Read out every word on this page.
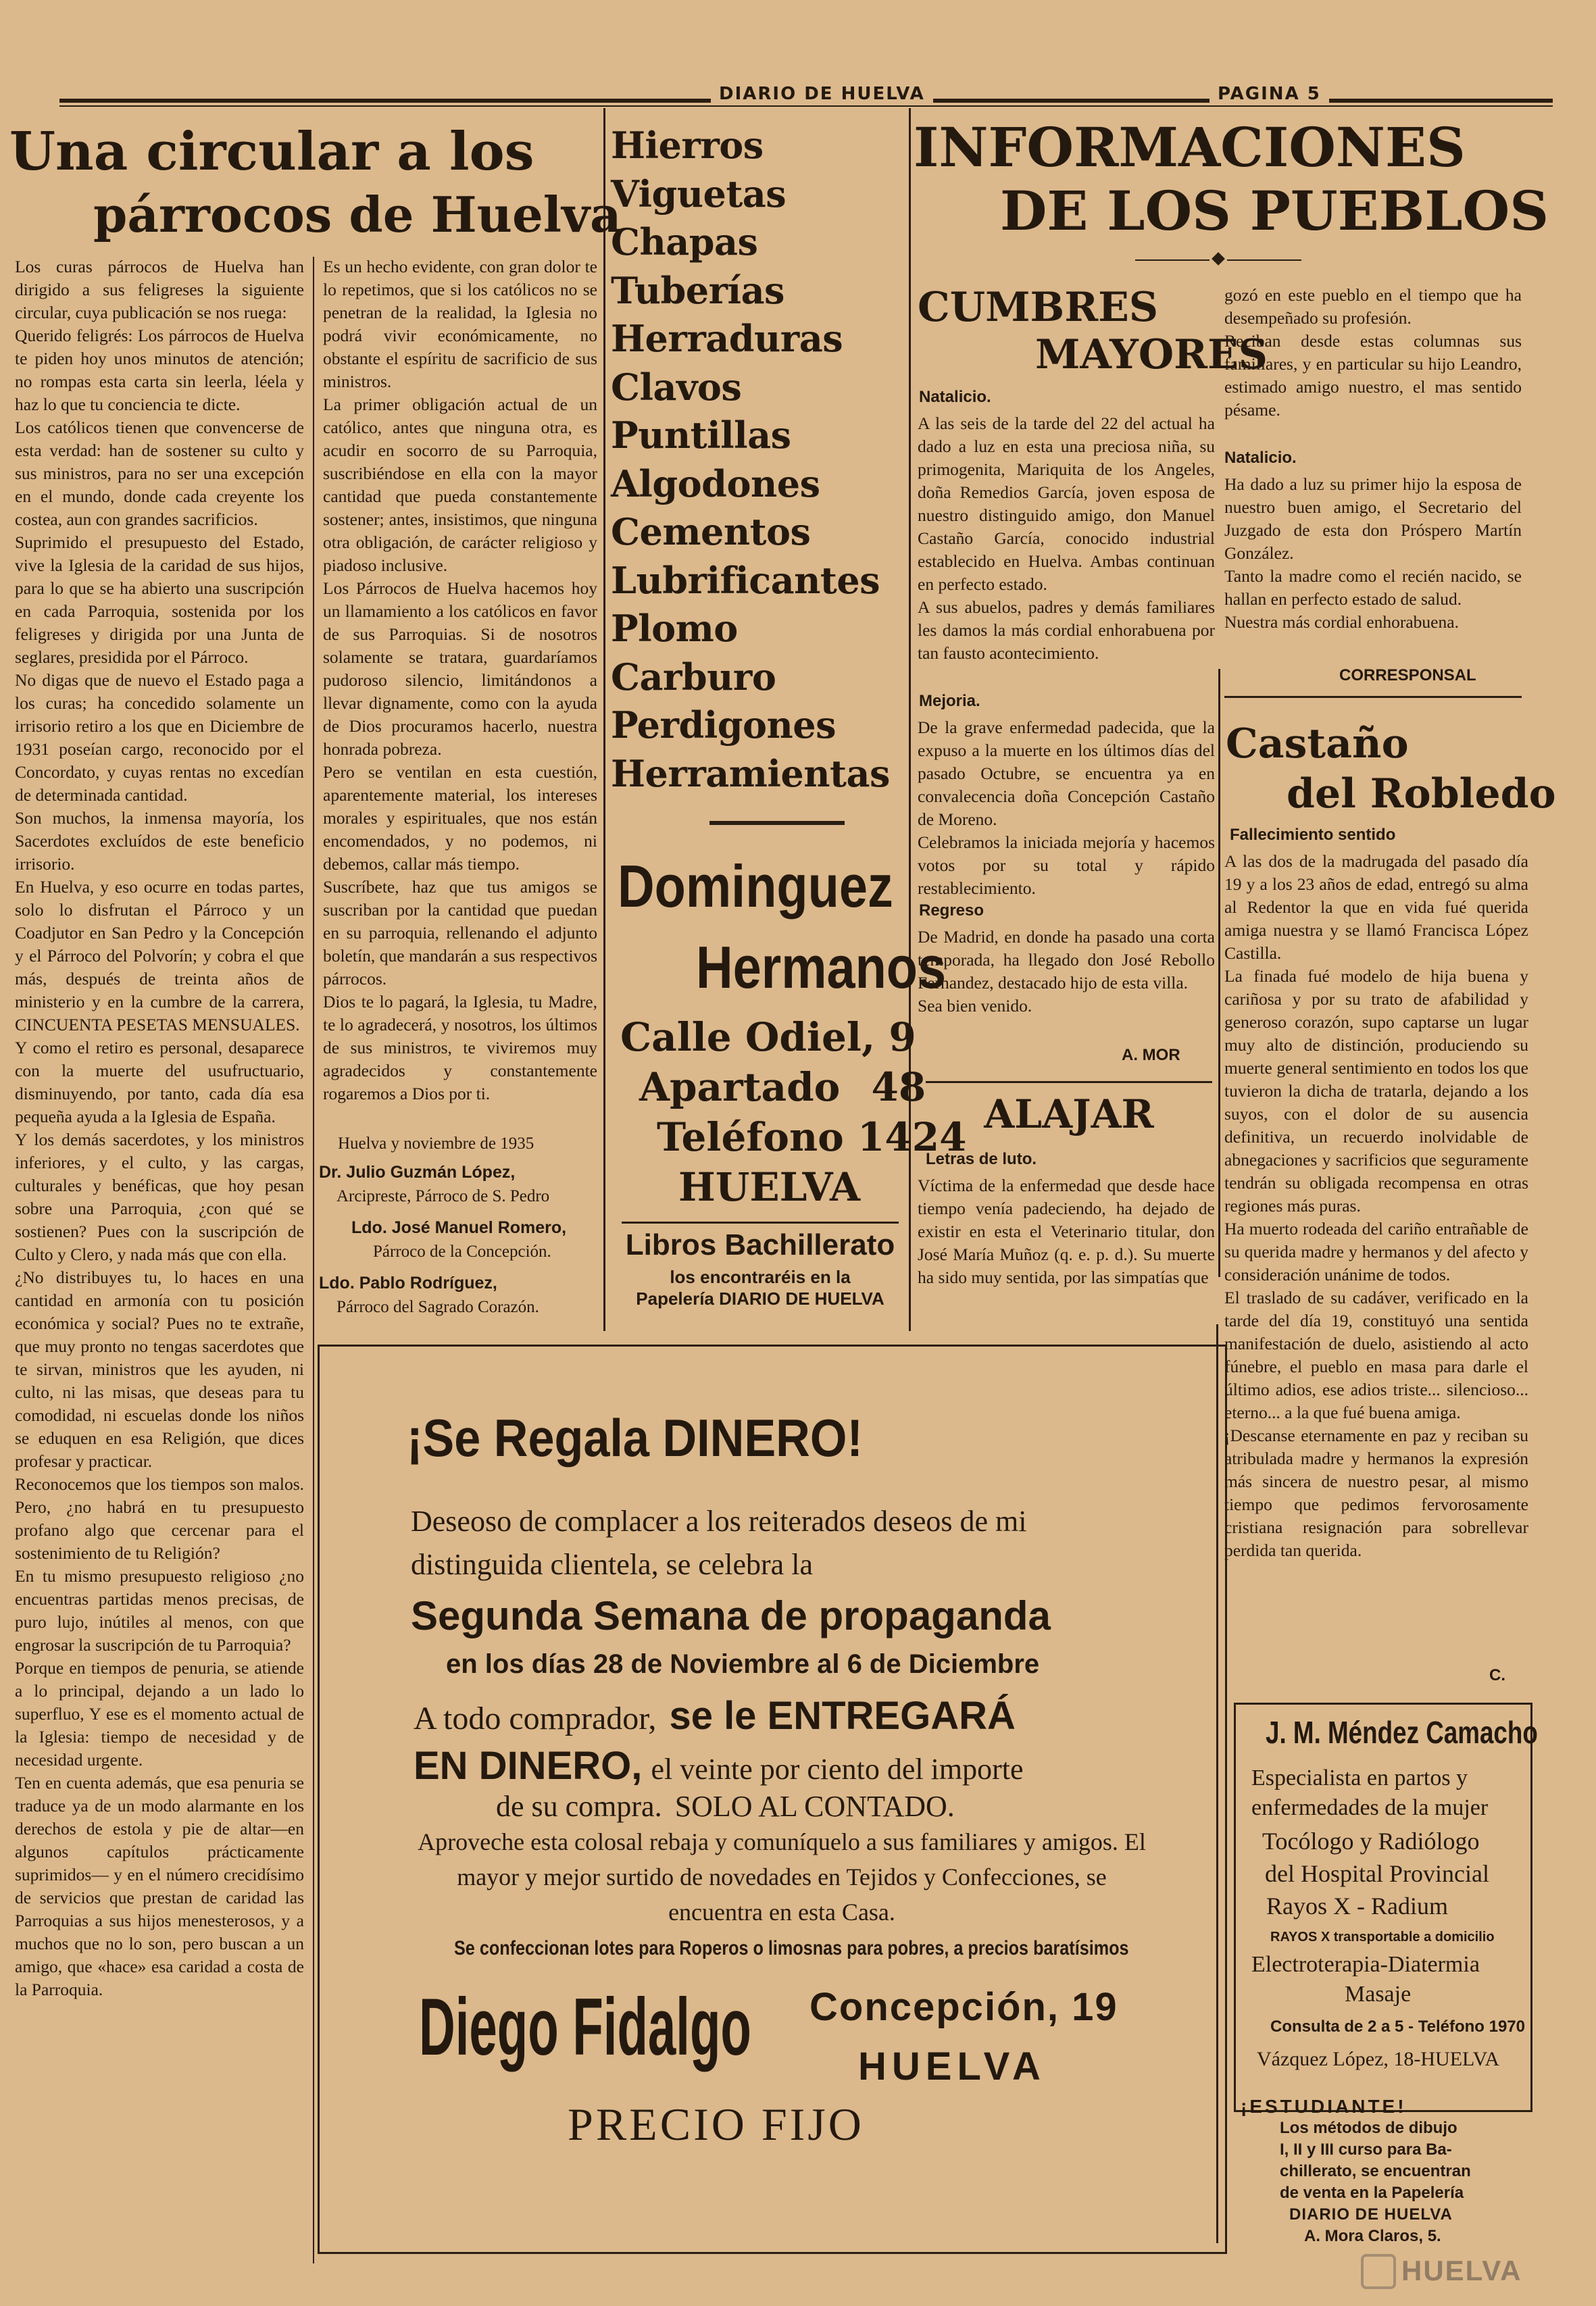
DIARIO DE HUELVA	PAGINA 5
Una circular a los
párrocos de Huelva
Los curas párrocos de Huelva han dirigido a sus feligreses la siguiente circular, cuya publicación se nos ruega:
Querido feligrés: Los párrocos de Huelva te piden hoy unos minutos de atención; no rompas esta carta sin leerla, léela y haz lo que tu conciencia te dicte.
Los católicos tienen que convencerse de esta verdad: han de sostener su culto y sus ministros, para no ser una excepción en el mundo, donde cada creyente los costea, aun con grandes sacrificios.
Suprimido el presupuesto del Estado, vive la Iglesia de la caridad de sus hijos, para lo que se ha abierto una suscripción en cada Parroquia, sostenida por los feligreses y dirigida por una Junta de seglares, presidida por el Párroco.
No digas que de nuevo el Estado paga a los curas; ha concedido solamente un irrisorio retiro a los que en Diciembre de 1931 poseían cargo, reconocido por el Concordato, y cuyas rentas no excedían de determinada cantidad.
Son muchos, la inmensa mayoría, los Sacerdotes excluídos de este beneficio irrisorio.
En Huelva, y eso ocurre en todas partes, solo lo disfrutan el Párroco y un Coadjutor en San Pedro y la Concepción y el Párroco del Polvorín; y cobra el que más, después de treinta años de ministerio y en la cumbre de la carrera, CINCUENTA PESETAS MENSUALES.
Y como el retiro es personal, desaparece con la muerte del usufructuario, disminuyendo, por tanto, cada día esa pequeña ayuda a la Iglesia de España.
Y los demás sacerdotes, y los ministros inferiores, y el culto, y las cargas, culturales y benéficas, que hoy pesan sobre una Parroquia, ¿con qué se sostienen? Pues con la suscripción de Culto y Clero, y nada más que con ella.
¿No distribuyes tu, lo haces en una cantidad en armonía con tu posición económica y social? Pues no te extrañe, que muy pronto no tengas sacerdotes que te sirvan, ministros que les ayuden, ni culto, ni las misas, que deseas para tu comodidad, ni escuelas donde los niños se eduquen en esa Religión, que dices profesar y practicar.
Reconocemos que los tiempos son malos. Pero, ¿no habrá en tu presupuesto profano algo que cercenar para el sostenimiento de tu Religión?
En tu mismo presupuesto religioso ¿no encuentras partidas menos precisas, de puro lujo, inútiles al menos, con que engrosar la suscripción de tu Parroquia?
Porque en tiempos de penuria, se atiende a lo principal, dejando a un lado lo superfluo, Y ese es el momento actual de la Iglesia: tiempo de necesidad y de necesidad urgente.
Ten en cuenta además, que esa penuria se traduce ya de un modo alarmante en los derechos de estola y pie de altar—en algunos capítulos prácticamente suprimidos— y en el número crecidísimo de servicios que prestan de caridad las Parroquias a sus hijos menesterosos, y a muchos que no lo son, pero buscan a un amigo, que «hace» esa caridad a costa de la Parroquia.
Es un hecho evidente, con gran dolor te lo repetimos, que si los católicos no se penetran de la realidad, la Iglesia no podrá vivir económicamente, no obstante el espíritu de sacrificio de sus ministros.
La primer obligación actual de un católico, antes que ninguna otra, es acudir en socorro de su Parroquia, suscribiéndose en ella con la mayor cantidad que pueda constantemente sostener; antes, insistimos, que ninguna otra obligación, de carácter religioso y piadoso inclusive.
Los Párrocos de Huelva hacemos hoy un llamamiento a los católicos en favor de sus Parroquias. Si de nosotros solamente se tratara, guardaríamos pudoroso silencio, limitándonos a llevar dignamente, como con la ayuda de Dios procuramos hacerlo, nuestra honrada pobreza.
Pero se ventilan en esta cuestión, aparentemente material, los intereses morales y espirituales, que nos están encomendados, y no podemos, ni debemos, callar más tiempo.
Suscríbete, haz que tus amigos se suscriban por la cantidad que puedan en su parroquia, rellenando el adjunto boletín, que mandarán a sus respectivos párrocos.
Dios te lo pagará, la Iglesia, tu Madre, te lo agradecerá, y nosotros, los últimos de sus ministros, te viviremos muy agradecidos y constantemente rogaremos a Dios por ti.
Huelva y noviembre de 1935
Dr. Julio Guzmán López,
Arcipreste, Párroco de S. Pedro
Ldo. José Manuel Romero,
Párroco de la Concepción.
Ldo. Pablo Rodríguez,
Párroco del Sagrado Corazón.
Hierros
Viguetas
Chapas
Tuberías
Herraduras
Clavos
Puntillas
Algodones
Cementos
Lubrificantes
Plomo
Carburo
Perdigones
Herramientas
Dominguez
Hermanos
Calle Odiel, 9
Apartado 48
Teléfono 1424
HUELVA
Libros Bachillerato
los encontraréis en la
Papelería DIARIO DE HUELVA
INFORMACIONES
DE LOS PUEBLOS
CUMBRES
MAYORES
Natalicio.
A las seis de la tarde del 22 del actual ha dado a luz en esta una preciosa niña, su primogenita, Mariquita de los Angeles, doña Remedios García, joven esposa de nuestro distinguido amigo, don Manuel Castaño García, conocido industrial establecido en Huelva. Ambas continuan en perfecto estado.
A sus abuelos, padres y demás familiares les damos la más cordial enhorabuena por tan fausto acontecimiento.
Mejoria.
De la grave enfermedad padecida, que la expuso a la muerte en los últimos días del pasado Octubre, se encuentra ya en convalecencia doña Concepción Castaño de Moreno.
Celebramos la iniciada mejoría y hacemos votos por su total y rápido restablecimiento.
Regreso
De Madrid, en donde ha pasado una corta temporada, ha llegado don José Rebollo Fernandez, destacado hijo de esta villa.
Sea bien venido.
A. MOR
ALAJAR
Letras de luto.
Víctima de la enfermedad que desde hace tiempo venía padeciendo, ha dejado de existir en esta el Veterinario titular, don José María Muñoz (q. e. p. d.). Su muerte ha sido muy sentida, por las simpatías que
gozó en este pueblo en el tiempo que ha desempeñado su profesión.
Reciban desde estas columnas sus familiares, y en particular su hijo Leandro, estimado amigo nuestro, el mas sentido pésame.
Natalicio.
Ha dado a luz su primer hijo la esposa de nuestro buen amigo, el Secretario del Juzgado de esta don Próspero Martín González.
Tanto la madre como el recién nacido, se hallan en perfecto estado de salud.
Nuestra más cordial enhorabuena.
CORRESPONSAL
Castaño
del Robledo
Fallecimiento sentido
A las dos de la madrugada del pasado día 19 y a los 23 años de edad, entregó su alma al Redentor la que en vida fué querida amiga nuestra y se llamó Francisca López Castilla.
La finada fué modelo de hija buena y cariñosa y por su trato de afabilidad y generoso corazón, supo captarse un lugar muy alto de distinción, produciendo su muerte general sentimiento en todos los que tuvieron la dicha de tratarla, dejando a los suyos, con el dolor de su ausencia definitiva, un recuerdo inolvidable de abnegaciones y sacrificios que seguramente tendrán su obligada recompensa en otras regiones más puras.
Ha muerto rodeada del cariño entrañable de su querida madre y hermanos y del afecto y consideración unánime de todos.
El traslado de su cadáver, verificado en la tarde del día 19, constituyó una sentida manifestación de duelo, asistiendo al acto fúnebre, el pueblo en masa para darle el último adios, ese adios triste... silencioso... eterno... a la que fué buena amiga.
¡Descanse eternamente en paz y reciban su atribulada madre y hermanos la expresión más sincera de nuestro pesar, al mismo tiempo que pedimos fervorosamente cristiana resignación para sobrellevar perdida tan querida.
C.
¡Se Regala DINERO!
Deseoso de complacer a los reiterados deseos de mi distinguida clientela, se celebra la
Segunda Semana de propaganda
en los días 28 de Noviembre al 6 de Diciembre
A todo comprador, se le ENTREGARÁ
EN DINERO, el veinte por ciento del importe
de su compra. SOLO AL CONTADO.
Aproveche esta colosal rebaja y comuníquelo a sus familiares y amigos. El mayor y mejor surtido de novedades en Tejidos y Confecciones, se encuentra en esta Casa.
Se confeccionan lotes para Roperos o limosnas para pobres, a precios baratísimos
Diego Fidalgo Concepción, 19
HUELVA
PRECIO FIJO
J. M. Méndez Camacho
Especialista en partos y
enfermedades de la mujer
Tocólogo y Radiólogo
del Hospital Provincial
Rayos X - Radium
RAYOS X transportable a domicilio
Electroterapia-Diatermia
Masaje
Consulta de 2 a 5 - Teléfono 1970
Vázquez López, 18-HUELVA
¡ESTUDIANTE!
Los métodos de dibujo
I, II y III curso para Ba-
chillerato, se encuentran
de venta en la Papelería
DIARIO DE HUELVA
A. Mora Claros, 5.
HUELVA
